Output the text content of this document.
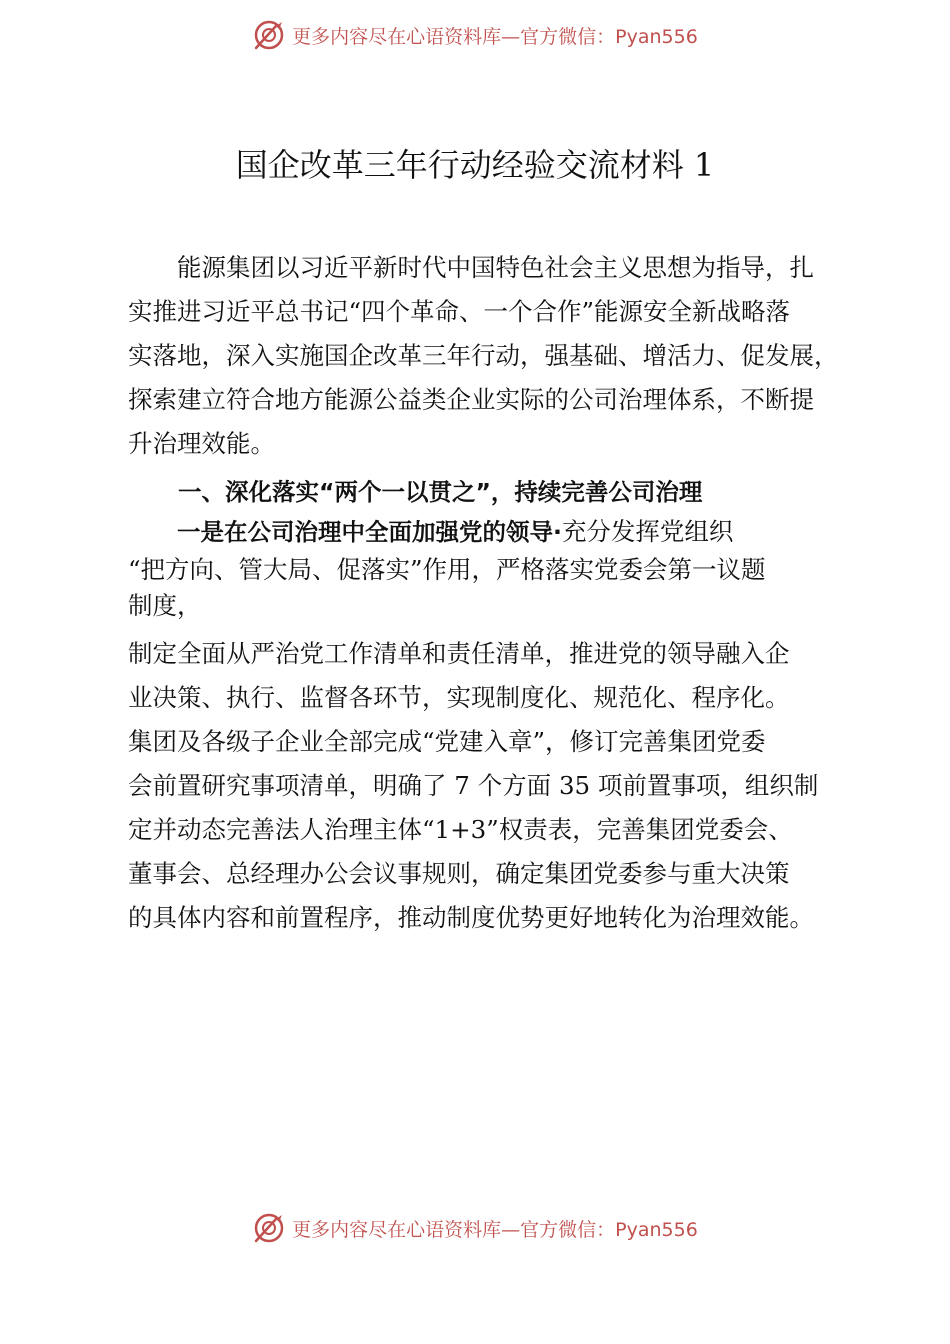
更多内容尽在心语资料库—官方微信：Pyan556
国企改革三年行动经验交流材料 1
能源集团以习近平新时代中国特色社会主义思想为指导，扎
实推进习近平总书记“四个革命、一个合作”能源安全新战略落
实落地，深入实施国企改革三年行动，强基础、增活力、促发展，
探索建立符合地方能源公益类企业实际的公司治理体系，不断提
升治理效能。
一、深化落实“两个一以贯之”，持续完善公司治理
一是在公司治理中全面加强党的领导·充分发挥党组织
“把方向、管大局、促落实”作用，严格落实党委会第一议题
制度，
制定全面从严治党工作清单和责任清单，推进党的领导融入企
业决策、执行、监督各环节，实现制度化、规范化、程序化。
集团及各级子企业全部完成“党建入章”，修订完善集团党委
会前置研究事项清单，明确了 7 个方面 35 项前置事项，组织制
定并动态完善法人治理主体“1+3”权责表，完善集团党委会、
董事会、总经理办公会议事规则，确定集团党委参与重大决策
的具体内容和前置程序，推动制度优势更好地转化为治理效能。
更多内容尽在心语资料库—官方微信：Pyan556
